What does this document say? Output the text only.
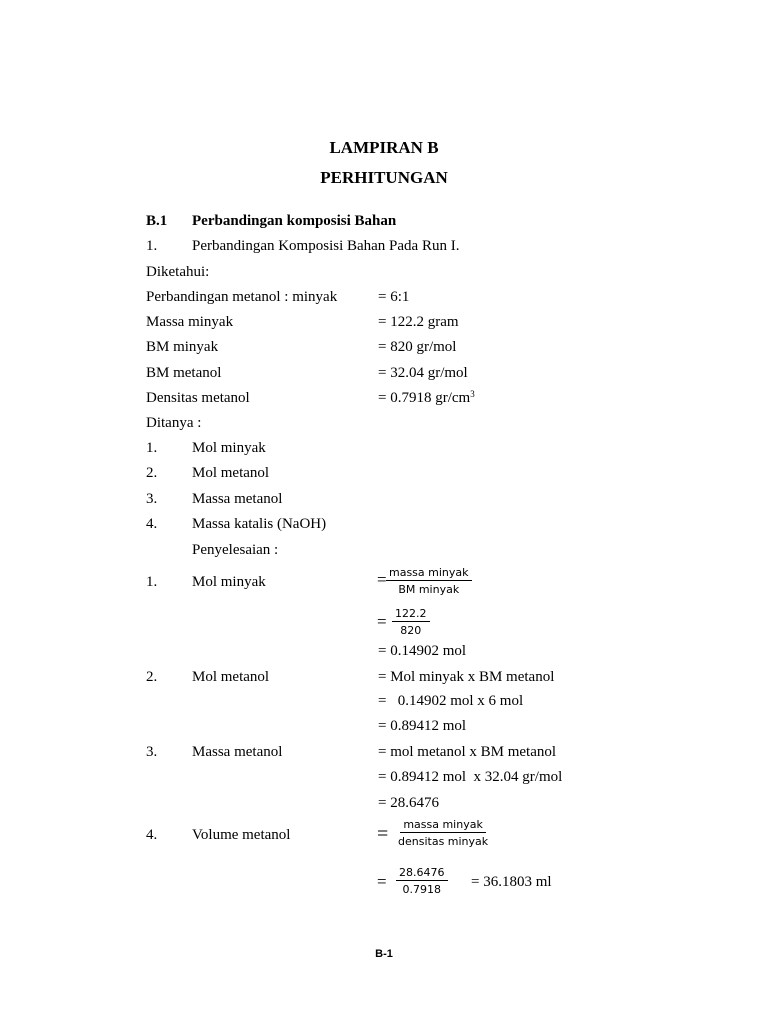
LAMPIRAN B
PERHITUNGAN
B.1 Perbandingan komposisi Bahan
1. Perbandingan Komposisi Bahan Pada Run I.
Diketahui:
Perbandingan metanol : minyak	= 6:1
Massa minyak	= 122.2 gram
BM minyak	= 820 gr/mol
BM metanol	= 32.04 gr/mol
Densitas metanol	= 0.7918 $gr/cm^3$
Ditanya :
1. Mol minyak
2. Mol metanol
3. Massa metanol
4. Massa katalis (NaOH)
Penyelesaian :
1. Mol minyak	= massa minyak
BM minyak
= $\frac{122.2}{820}$
= 0.14902 mol
2. Mol metanol	= Mol minyak x BM metanol
=   0.14902 mol x 6 mol
= 0.89412 mol
3. Massa metanol	= mol metanol x BM metanol
= 0.89412 mol  x 32.04 gr/mol
= 28.6476
4. Volume metanol	= massa minyak
densitas minyak
= $\frac{28.6476}{0.7918} = 36.1803$ ml
B-1
